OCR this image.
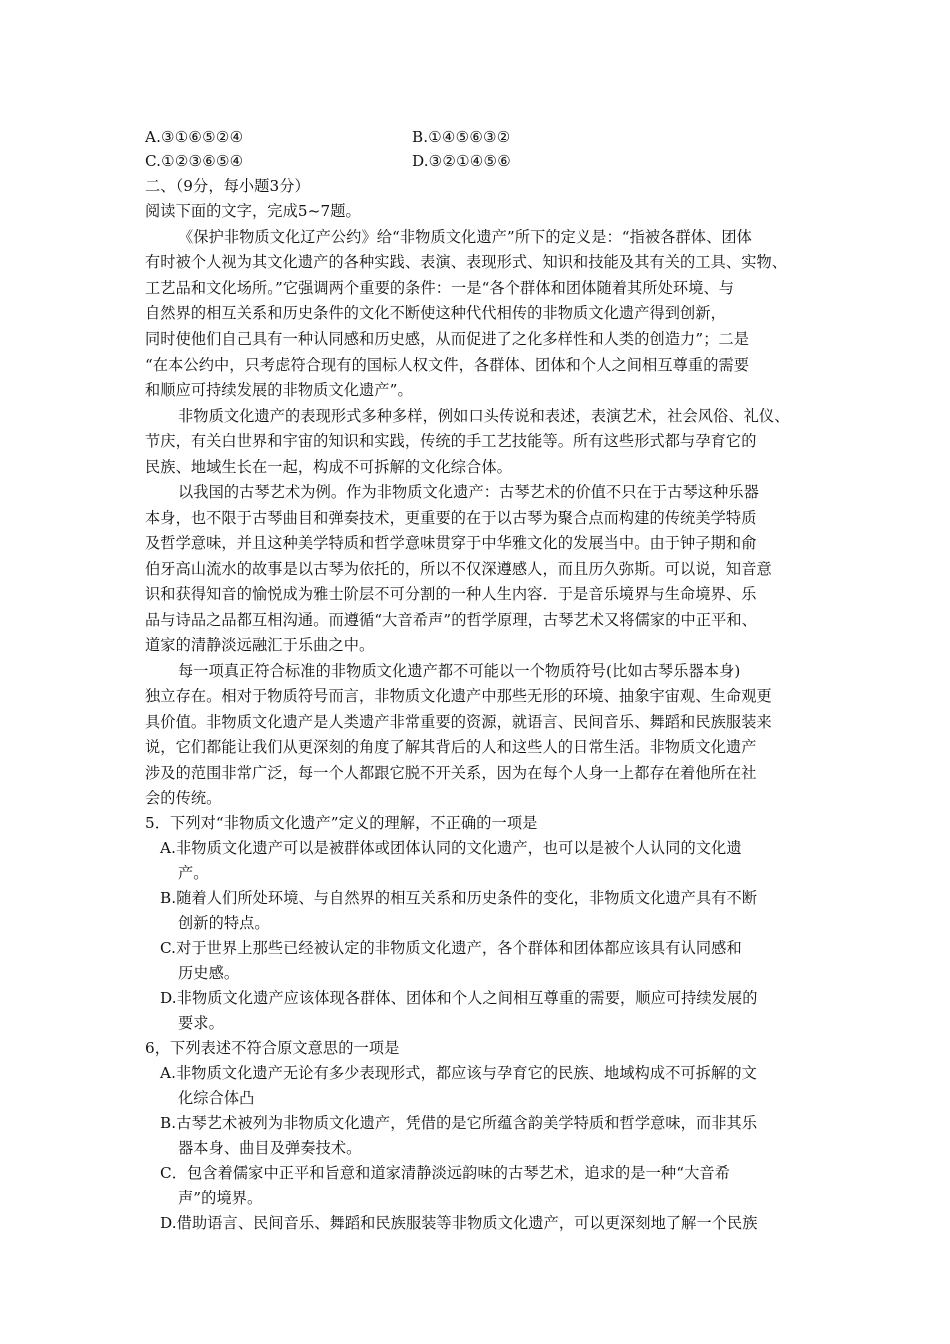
A.③①⑥⑤②④	B.①④⑤⑥③②
C.①②③⑥⑤④	D.③②①④⑤⑥
二、（9分，每小题3分）
阅读下面的文字，完成5~7题。
《保护非物质文化辽产公约》给“非物质文化遗产”所下的定义是：“指被各群体、团体
有时被个人视为其文化遗产的各种实践、表演、表现形式、知识和技能及其有关的工具、实物、
工艺品和文化场所。”它强调两个重要的条件：一是“各个群体和团体随着其所处环境、与
自然界的相互关系和历史条件的文化不断使这种代代相传的非物质文化遗产得到创新，
同时使他们自己具有一种认同感和历史感，从而促进了之化多样性和人类的创造力”；二是
“在本公约中，只考虑符合现有的国标人权文件，各群体、团体和个人之间相互尊重的需要
和顺应可持续发展的非物质文化遗产”。
非物质文化遗产的表现形式多种多样，例如口头传说和表述，表演艺术，社会风俗、礼仪、
节庆，有关白世界和宇宙的知识和实践，传统的手工艺技能等。所有这些形式都与孕育它的
民族、地域生长在一起，构成不可拆解的文化综合体。
以我国的古琴艺术为例。作为非物质文化遗产：古琴艺术的价值不只在于古琴这种乐器
本身，也不限于古琴曲目和弹奏技术，更重要的在于以古琴为聚合点而构建的传统美学特质
及哲学意味，并且这种美学特质和哲学意味贯穿于中华雅文化的发展当中。由于钟子期和俞
伯牙高山流水的故事是以古琴为依托的，所以不仅深遵感人，而且历久弥斯。可以说，知音意
识和获得知音的愉悦成为雅士阶层不可分割的一种人生内容．于是音乐境界与生命境界、乐
品与诗品之品都互相沟通。而遵循“大音希声”的哲学原理，古琴艺术又将儒家的中正平和、
道家的清静淡远融汇于乐曲之中。
每一项真正符合标准的非物质文化遗产都不可能以一个物质符号(比如古琴乐器本身)
独立存在。相对于物质符号而言，非物质文化遗产中那些无形的环境、抽象宇宙观、生命观更
具价值。非物质文化遗产是人类遗产非常重要的资源，就语言、民间音乐、舞蹈和民族服装来
说，它们都能让我们从更深刻的角度了解其背后的人和这些人的日常生活。非物质文化遗产
涉及的范围非常广泛，每一个人都跟它脱不开关系，因为在每个人身一上都存在着他所在社
会的传统。
5．下列对“非物质文化遗产”定义的理解，不正确的一项是
A.非物质文化遗产可以是被群体或团体认同的文化遗产，也可以是被个人认同的文化遗
产。
B.随着人们所处环境、与自然界的相互关系和历史条件的变化，非物质文化遗产具有不断
创新的特点。
C.对于世界上那些已经被认定的非物质文化遗产，各个群体和团体都应该具有认同感和
历史感。
D.非物质文化遗产应该体现各群体、团体和个人之间相互尊重的需要，顺应可持续发展的
要求。
6，下列表述不符合原文意思的一项是
A.非物质文化遗产无论有多少表现形式，都应该与孕育它的民族、地域构成不可拆解的文
化综合体凸
B.古琴艺术被列为非物质文化遗产，凭借的是它所蕴含韵美学特质和哲学意味，而非其乐
器本身、曲目及弹奏技术。
C．包含着儒家中正平和旨意和道家清静淡远韵味的古琴艺术，追求的是一种“大音希
声”的境界。
D.借助语言、民间音乐、舞蹈和民族服装等非物质文化遗产，可以更深刻地了解一个民族
